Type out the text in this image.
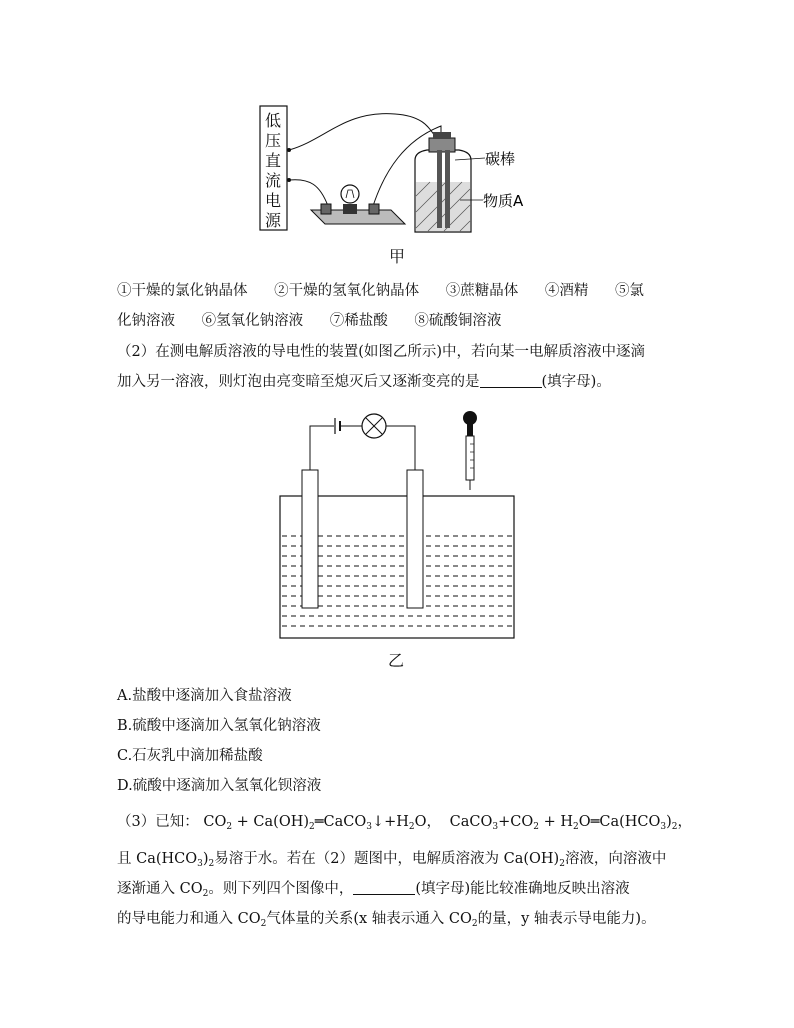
低
压
直
流
电
源
碳棒
物质A
甲
①干燥的氯化钠晶体 ②干燥的氢氧化钠晶体 ③蔗糖晶体 ④酒精 ⑤氯
化钠溶液 ⑥氢氧化钠溶液 ⑦稀盐酸 ⑧硫酸铜溶液
（2）在测电解质溶液的导电性的装置(如图乙所示)中，若向某一电解质溶液中逐滴
加入另一溶液，则灯泡由亮变暗至熄灭后又逐渐变亮的是	(填字母)。
乙
A.盐酸中逐滴加入食盐溶液
B.硫酸中逐滴加入氢氧化钠溶液
C.石灰乳中滴加稀盐酸
D.硫酸中逐滴加入氢氧化钡溶液
（3）已知： $CO_2$ + $Ca(OH)_2═CaCO_3↓+H_2O$， $CaCO_3+CO_2$ + $H_2O═Ca(HCO_3)_2$，
且 $Ca(HCO_3)_2$易溶于水。若在（2）题图中，电解质溶液为 $Ca(OH)_2$溶液，向溶液中
逐渐通入 $CO_2$。则下列四个图像中，	(填字母)能比较准确地反映出溶液
的导电能力和通入 $CO_2$气体量的关系(x 轴表示通入 $CO_2$的量，y 轴表示导电能力)。
